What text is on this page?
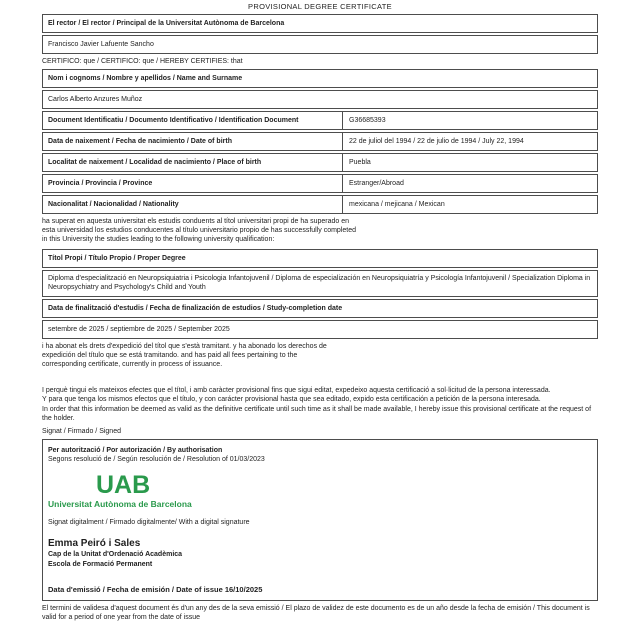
PROVISIONAL DEGREE CERTIFICATE
El rector / El rector / Principal de la Universitat Autònoma de Barcelona
Francisco Javier Lafuente Sancho
CERTIFICO: que / CERTIFICO: que / HEREBY CERTIFIES: that
Nom i cognoms / Nombre y apellidos / Name and Surname
Carlos Alberto Anzures Muñoz
Document Identificatiu / Documento Identificativo / Identification Document	G36685393
Data de naixement / Fecha de nacimiento / Date of birth	22 de juliol del 1994 / 22 de julio de 1994 / July 22, 1994
Localitat de naixement / Localidad de nacimiento / Place of birth	Puebla
Provincia / Provincia / Province	Estranger/Abroad
Nacionalitat / Nacionalidad / Nationality	mexicana / mejicana / Mexican
ha superat en aquesta universitat els estudis conduents al títol universitari propi de ha superado en
esta universidad los estudios conducentes al título universitario propio de has successfully completed
in this University the studies leading to the following university qualification:
Títol Propi / Título Propio / Proper Degree
Diploma d'especialització en Neuropsiquiatria i Psicologia Infantojuvenil / Diploma de especialización en Neuropsiquiatría y Psicología Infantojuvenil / Specialization Diploma in Neuropsychiatry and Psychology's Child and Youth
Data de finalització d'estudis / Fecha de finalización de estudios / Study-completion date
setembre de 2025 / septiembre de 2025 / September 2025
i ha abonat els drets d'expedició del títol que s'està tramitant. y ha abonado los derechos de
expedición del título que se está tramitando. and has paid all fees pertaining to the
corresponding certificate, currently in process of issuance.
I perquè tingui els mateixos efectes que el títol, i amb caràcter provisional fins que sigui editat, expedeixo aquesta certificació a sol·licitud de la persona interessada.
Y para que tenga los mismos efectos que el título, y con carácter provisional hasta que sea editado, expido esta certificación a petición de la persona interesada.
In order that this information be deemed as valid as the definitive certificate until such time as it shall be made available, I hereby issue this provisional certificate at the request of the holder.
Signat / Firmado / Signed
Per autorització / Por autorización / By authorisation
Segons resolució de / Según resolución de / Resolution of 01/03/2023
UAB
Universitat Autònoma de Barcelona
Signat digitalment / Firmado digitalmente/ With a digital signature
Emma Peiró i Sales
Cap de la Unitat d'Ordenació Acadèmica
Escola de Formació Permanent
Data d'emissió / Fecha de emisión / Date of issue 16/10/2025
El termini de validesa d'aquest document és d'un any des de la seva emissió / El plazo de validez de este documento es de un año desde la fecha de emisión / This document is valid for a period of one year from the date of issue
